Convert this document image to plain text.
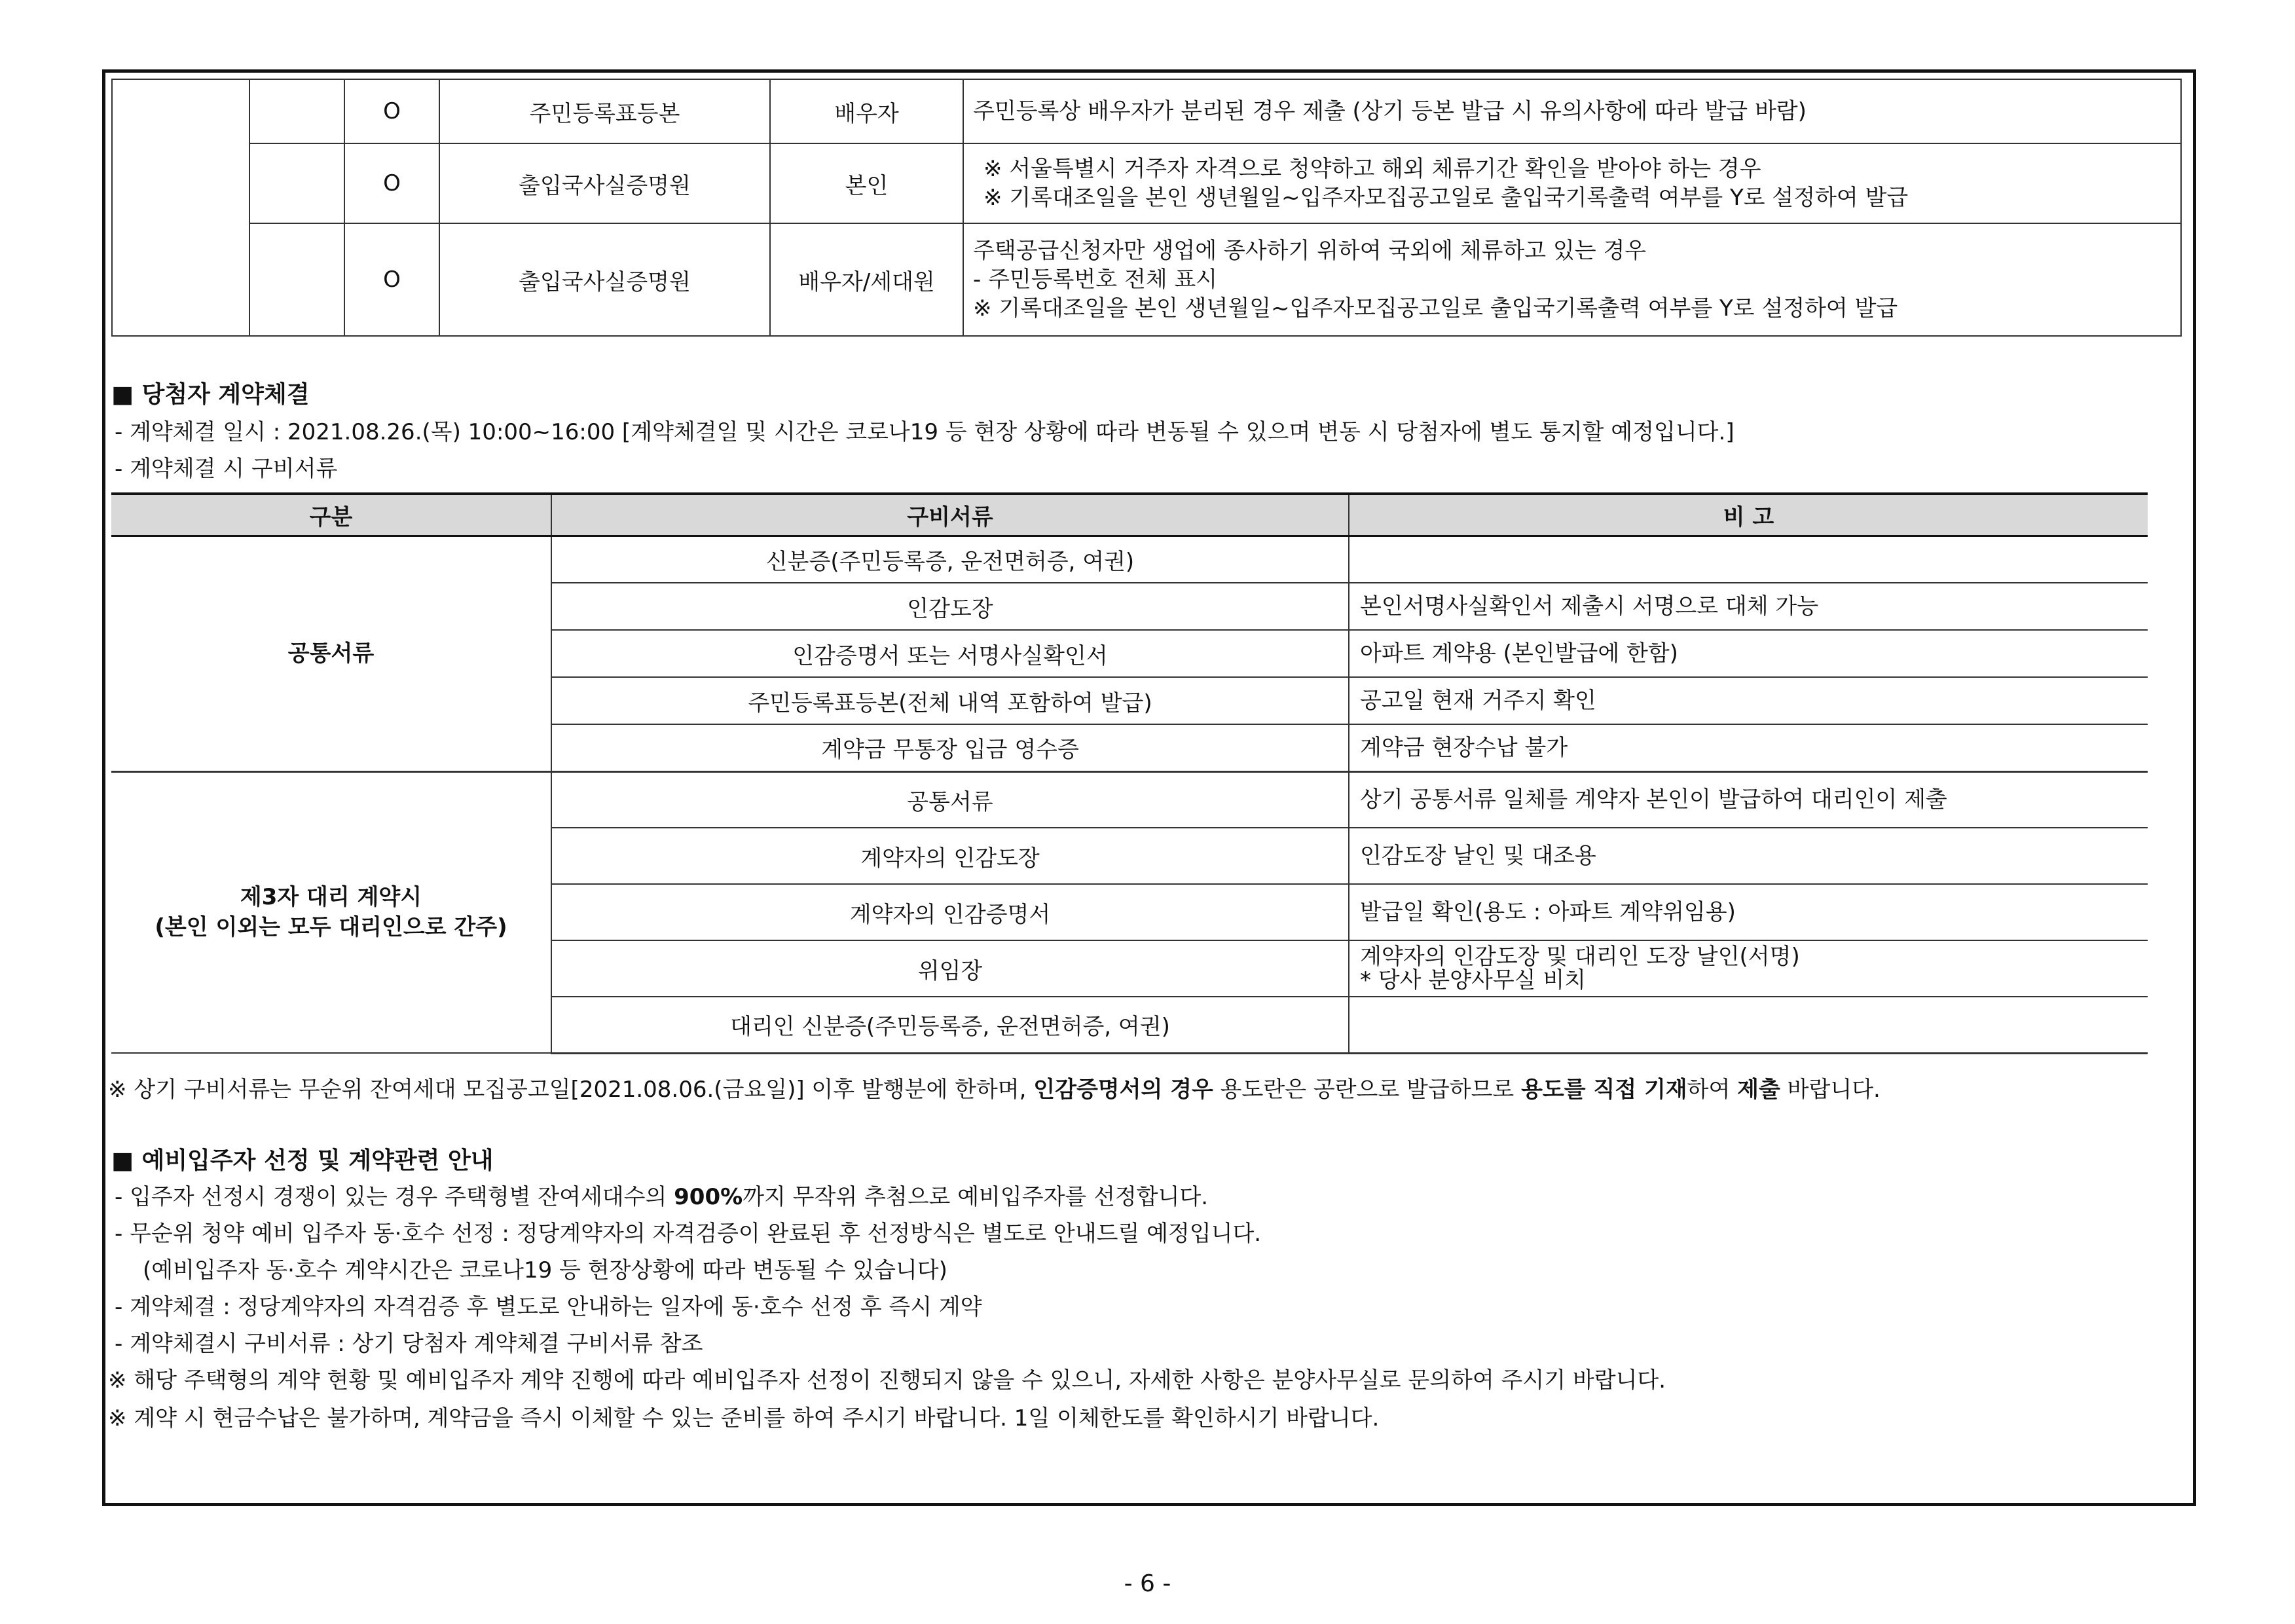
		O	주민등록표등본	배우자	주민등록상 배우자가 분리된 경우 제출 (상기 등본 발급 시 유의사항에 따라 발급 바람)

		O	출입국사실증명원	본인	※ 서울특별시 거주자 자격으로 청약하고 해외 체류기간 확인을 받아야 하는 경우
※ 기록대조일을 본인 생년월일~입주자모집공고일로 출입국기록출력 여부를 Y로 설정하여 발급

		O	출입국사실증명원	배우자/세대원	주택공급신청자만 생업에 종사하기 위하여 국외에 체류하고 있는 경우
- 주민등록번호 전체 표시
※ 기록대조일을 본인 생년월일~입주자모집공고일로 출입국기록출력 여부를 Y로 설정하여 발급
■ 당첨자 계약체결
- 계약체결 일시 : 2021.08.26.(목) 10:00~16:00 [계약체결일 및 시간은 코로나19 등 현장 상황에 따라 변동될 수 있으며 변동 시 당첨자에 별도 통지할 예정입니다.]
- 계약체결 시 구비서류
구분	구비서류	비 고
공통서류	신분증(주민등록증, 운전면허증, 여권)	
	인감도장	본인서명사실확인서 제출시 서명으로 대체 가능
	인감증명서 또는 서명사실확인서	아파트 계약용 (본인발급에 한함)
	주민등록표등본(전체 내역 포함하여 발급)	공고일 현재 거주지 확인
	계약금 무통장 입금 영수증	계약금 현장수납 불가

제3자 대리 계약시
(본인 이외는 모두 대리인으로 간주)	공통서류	상기 공통서류 일체를 계약자 본인이 발급하여 대리인이 제출
	계약자의 인감도장	인감도장 날인 및 대조용
	계약자의 인감증명서	발급일 확인(용도 : 아파트 계약위임용)
	위임장	계약자의 인감도장 및 대리인 도장 날인(서명)
* 당사 분양사무실 비치

	대리인 신분증(주민등록증, 운전면허증, 여권)	
※ 상기 구비서류는 무순위 잔여세대 모집공고일[2021.08.06.(금요일)] 이후 발행분에 한하며, 인감증명서의 경우 용도란은 공란으로 발급하므로 용도를 직접 기재하여 제출 바랍니다.
■ 예비입주자 선정 및 계약관련 안내
- 입주자 선정시 경쟁이 있는 경우 주택형별 잔여세대수의 900%까지 무작위 추첨으로 예비입주자를 선정합니다.
- 무순위 청약 예비 입주자 동·호수 선정 : 정당계약자의 자격검증이 완료된 후 선정방식은 별도로 안내드릴 예정입니다.
(예비입주자 동·호수 계약시간은 코로나19 등 현장상황에 따라 변동될 수 있습니다)
- 계약체결 : 정당계약자의 자격검증 후 별도로 안내하는 일자에 동·호수 선정 후 즉시 계약
- 계약체결시 구비서류 : 상기 당첨자 계약체결 구비서류 참조
※ 해당 주택형의 계약 현황 및 예비입주자 계약 진행에 따라 예비입주자 선정이 진행되지 않을 수 있으니, 자세한 사항은 분양사무실로 문의하여 주시기 바랍니다.
※ 계약 시 현금수납은 불가하며, 계약금을 즉시 이체할 수 있는 준비를 하여 주시기 바랍니다. 1일 이체한도를 확인하시기 바랍니다.
- 6 -
